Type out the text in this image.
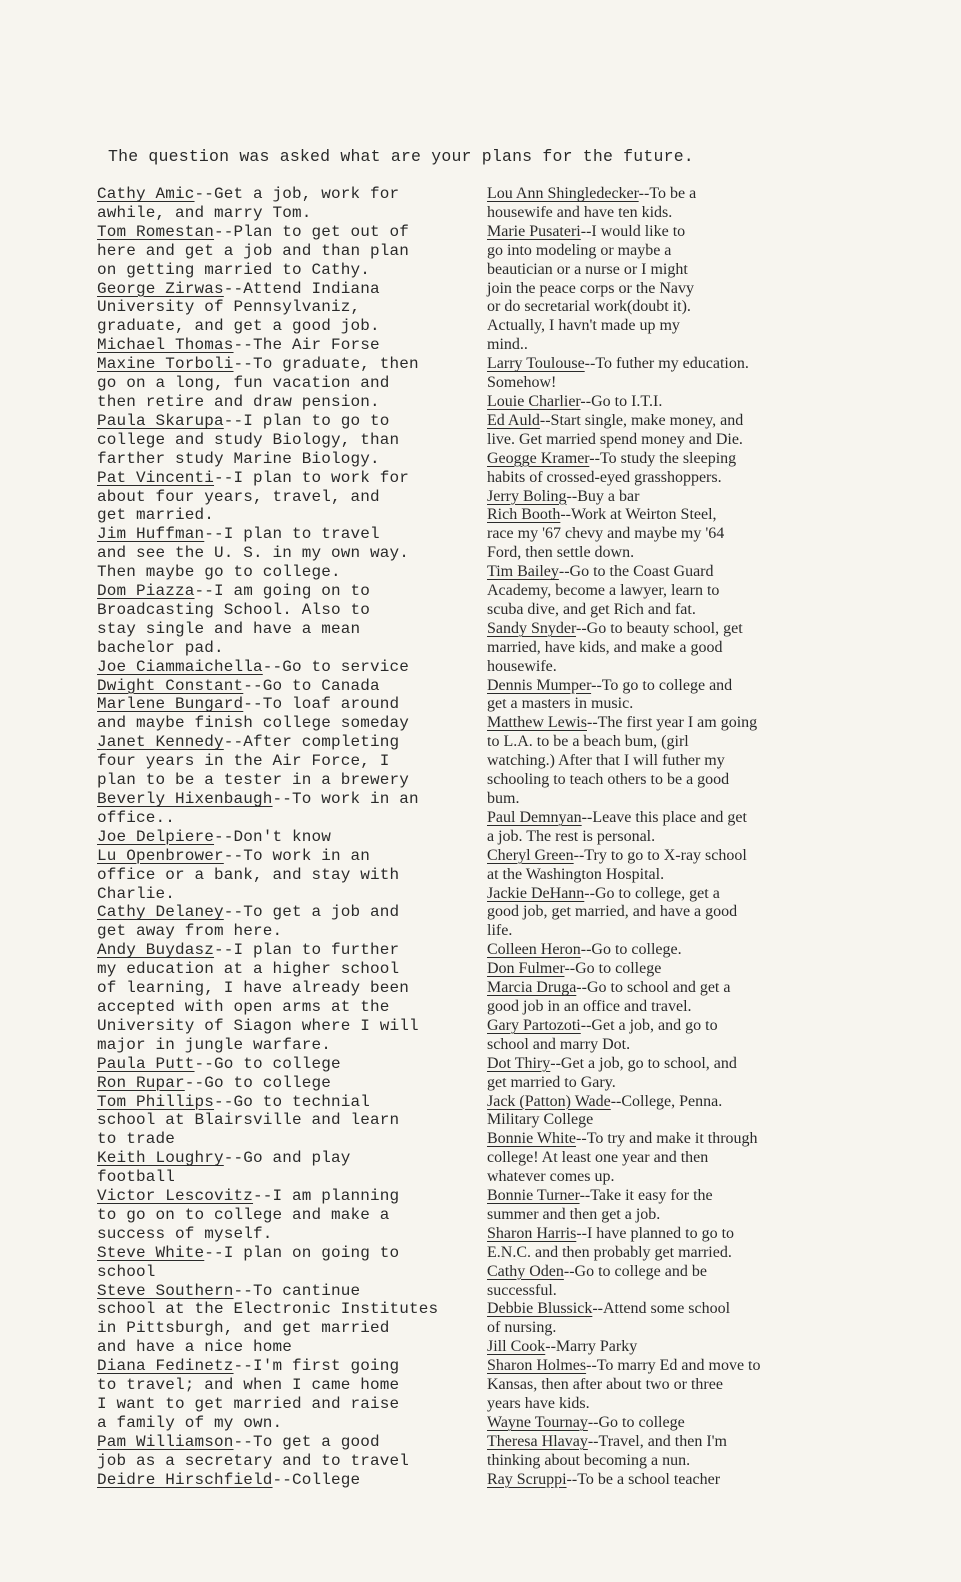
The question was asked what are your plans for the future.
Cathy Amic--Get a job, work for
awhile, and marry Tom.
Tom Romestan--Plan to get out of
here and get a job and than plan
on getting married to Cathy.
George Zirwas--Attend Indiana
University of Pennsylvaniz,
graduate, and get a good job.
Michael Thomas--The Air Forse
Maxine Torboli--To graduate, then
go on a long, fun vacation and
then retire and draw pension.
Paula Skarupa--I plan to go to
college and study Biology, than
farther study Marine Biology.
Pat Vincenti--I plan to work for
about four years, travel, and
get married.
Jim Huffman--I plan to travel
and see the U. S. in my own way.
Then maybe go to college.
Dom Piazza--I am going on to
Broadcasting School. Also to
stay single and have a mean
bachelor pad.
Joe Ciammaichella--Go to service
Dwight Constant--Go to Canada
Marlene Bungard--To loaf around
and maybe finish college someday
Janet Kennedy--After completing
four years in the Air Force, I
plan to be a tester in a brewery
Beverly Hixenbaugh--To work in an
office..
Joe Delpiere--Don't know
Lu Openbrower--To work in an
office or a bank, and stay with
Charlie.
Cathy Delaney--To get a job and
get away from here.
Andy Buydasz--I plan to further
my education at a higher school
of learning, I have already been
accepted with open arms at the
University of Siagon where I will
major in jungle warfare.
Paula Putt--Go to college
Ron Rupar--Go to college
Tom Phillips--Go to technial
school at Blairsville and learn
to trade
Keith Loughry--Go and play
football
Victor Lescovitz--I am planning
to go on to college and make a
success of myself.
Steve White--I plan on going to
school
Steve Southern--To cantinue
school at the Electronic Institutes
in Pittsburgh, and get married
and have a nice home
Diana Fedinetz--I'm first going
to travel; and when I came home
I want to get married and raise
a family of my own.
Pam Williamson--To get a good
job as a secretary and to travel
Deidre Hirschfield--College
Lou Ann Shingledecker--To be a
housewife and have ten kids.
Marie Pusateri--I would like to
go into modeling or maybe a
beautician or a nurse or I might
join the peace corps or the Navy
or do secretarial work(doubt it).
Actually, I havn't made up my
mind..
Larry Toulouse--To futher my education.
Somehow!
Louie Charlier--Go to I.T.I.
Ed Auld--Start single, make money, and
live. Get married spend money and Die.
Geogge Kramer--To study the sleeping
habits of crossed-eyed grasshoppers.
Jerry Boling--Buy a bar
Rich Booth--Work at Weirton Steel,
race my '67 chevy and maybe my '64
Ford, then settle down.
Tim Bailey--Go to the Coast Guard
Academy, become a lawyer, learn to
scuba dive, and get Rich and fat.
Sandy Snyder--Go to beauty school, get
married, have kids, and make a good
housewife.
Dennis Mumper--To go to college and
get a masters in music.
Matthew Lewis--The first year I am going
to L.A. to be a beach bum, (girl
watching.) After that I will futher my
schooling to teach others to be a good
bum.
Paul Demnyan--Leave this place and get
a job. The rest is personal.
Cheryl Green--Try to go to X-ray school
at the Washington Hospital.
Jackie DeHann--Go to college, get a
good job, get married, and have a good
life.
Colleen Heron--Go to college.
Don Fulmer--Go to college
Marcia Druga--Go to school and get a
good job in an office and travel.
Gary Partozoti--Get a job, and go to
school and marry Dot.
Dot Thiry--Get a job, go to school, and
get married to Gary.
Jack (Patton) Wade--College, Penna.
Military College
Bonnie White--To try and make it through
college! At least one year and then
whatever comes up.
Bonnie Turner--Take it easy for the
summer and then get a job.
Sharon Harris--I have planned to go to
E.N.C. and then probably get married.
Cathy Oden--Go to college and be
successful.
Debbie Blussick--Attend some school
of nursing.
Jill Cook--Marry Parky
Sharon Holmes--To marry Ed and move to
Kansas, then after about two or three
years have kids.
Wayne Tournay--Go to college
Theresa Hlavay--Travel, and then I'm
thinking about becoming a nun.
Ray Scruppi--To be a school teacher
